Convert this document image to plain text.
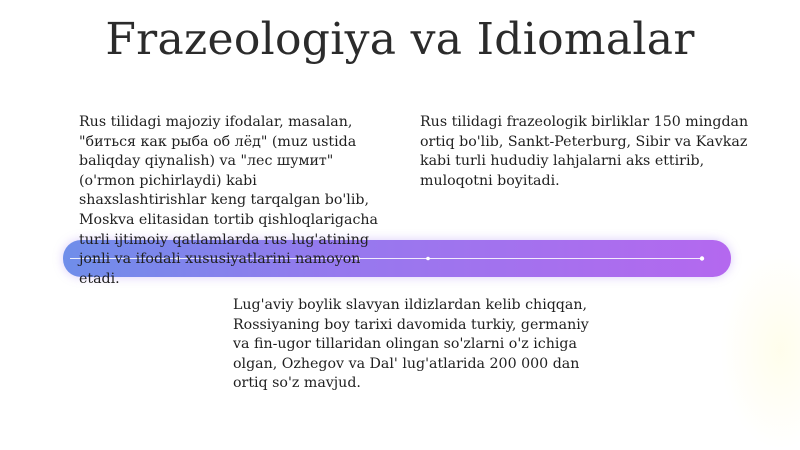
Frazeologiya va Idiomalar

Rus tilidagi majoziy ifodalar, masalan, "биться как рыба об лёд" (muz ustida baliqday qiynalish) va "лес шумит" (o'rmon pichirlaydi) kabi shaxslashtirishlar keng tarqalgan bo'lib, Moskva elitasidan tortib qishloqlarigacha turli ijtimoiy qatlamlarda rus lug'atining jonli va ifodali xususiyatlarini namoyon etadi.

Rus tilidagi frazeologik birliklar 150 mingdan ortiq bo'lib, Sankt-Peterburg, Sibir va Kavkaz kabi turli hududiy lahjalarni aks ettirib, muloqotni boyitadi.

Lug'aviy boylik slavyan ildizlardan kelib chiqqan, Rossiyaning boy tarixi davomida turkiy, germaniy va fin-ugor tillaridan olingan so'zlarni o'z ichiga olgan, Ozhegov va Dal' lug'atlarida 200 000 dan ortiq so'z mavjud.
